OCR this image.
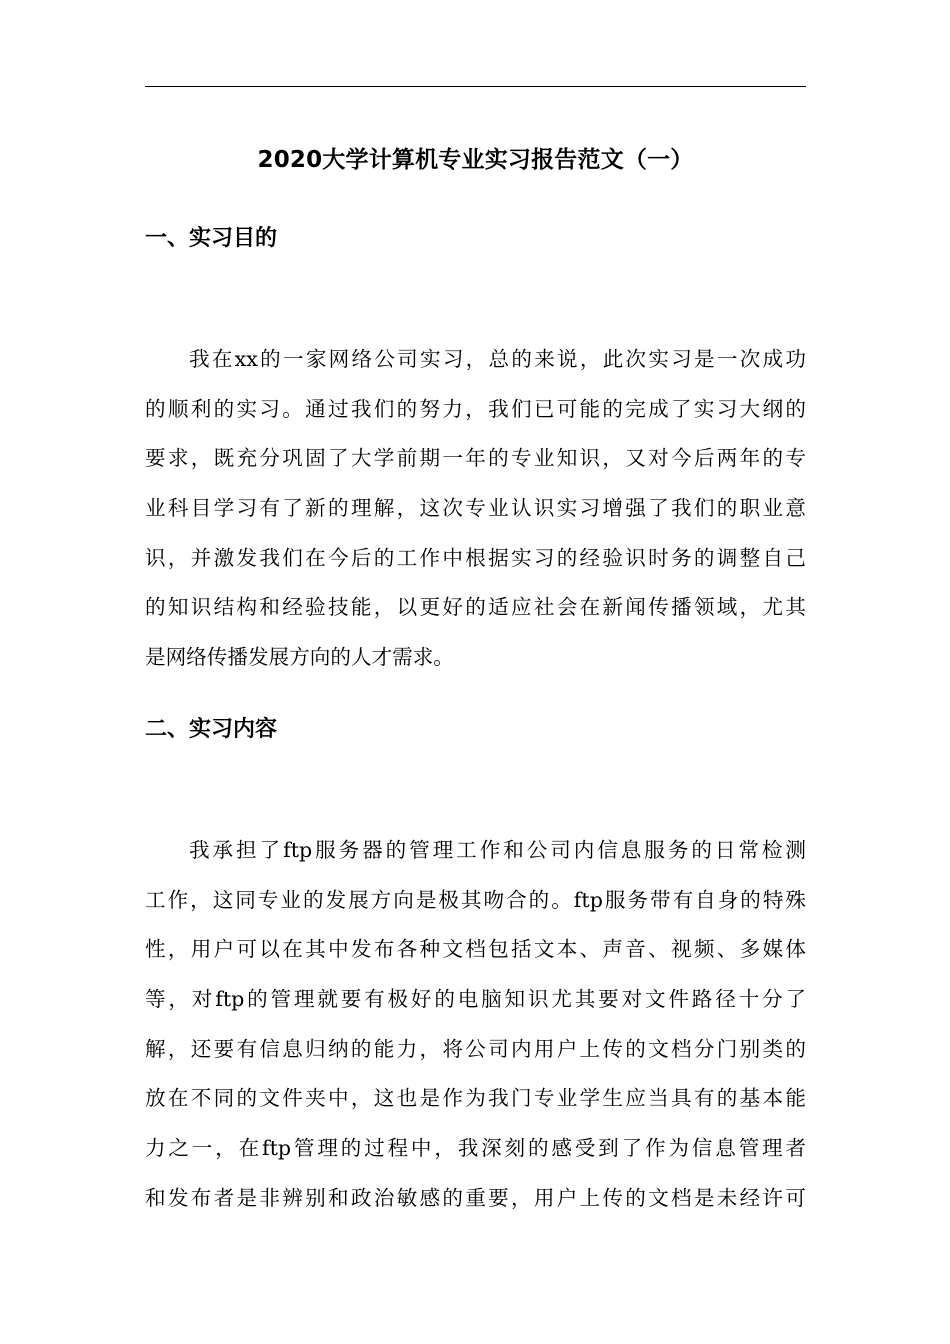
2020大学计算机专业实习报告范文（一）
一、实习目的
我在xx的一家网络公司实习，总的来说，此次实习是一次成功
的顺利的实习。通过我们的努力，我们已可能的完成了实习大纲的
要求，既充分巩固了大学前期一年的专业知识，又对今后两年的专
业科目学习有了新的理解，这次专业认识实习增强了我们的职业意
识，并激发我们在今后的工作中根据实习的经验识时务的调整自己
的知识结构和经验技能，以更好的适应社会在新闻传播领域，尤其
是网络传播发展方向的人才需求。
二、实习内容
我承担了ftp服务器的管理工作和公司内信息服务的日常检测
工作，这同专业的发展方向是极其吻合的。ftp服务带有自身的特殊
性，用户可以在其中发布各种文档包括文本、声音、视频、多媒体
等，对ftp的管理就要有极好的电脑知识尤其要对文件路径十分了
解，还要有信息归纳的能力，将公司内用户上传的文档分门别类的
放在不同的文件夹中，这也是作为我门专业学生应当具有的基本能
力之一，在ftp管理的过程中，我深刻的感受到了作为信息管理者
和发布者是非辨别和政治敏感的重要，用户上传的文档是未经许可
